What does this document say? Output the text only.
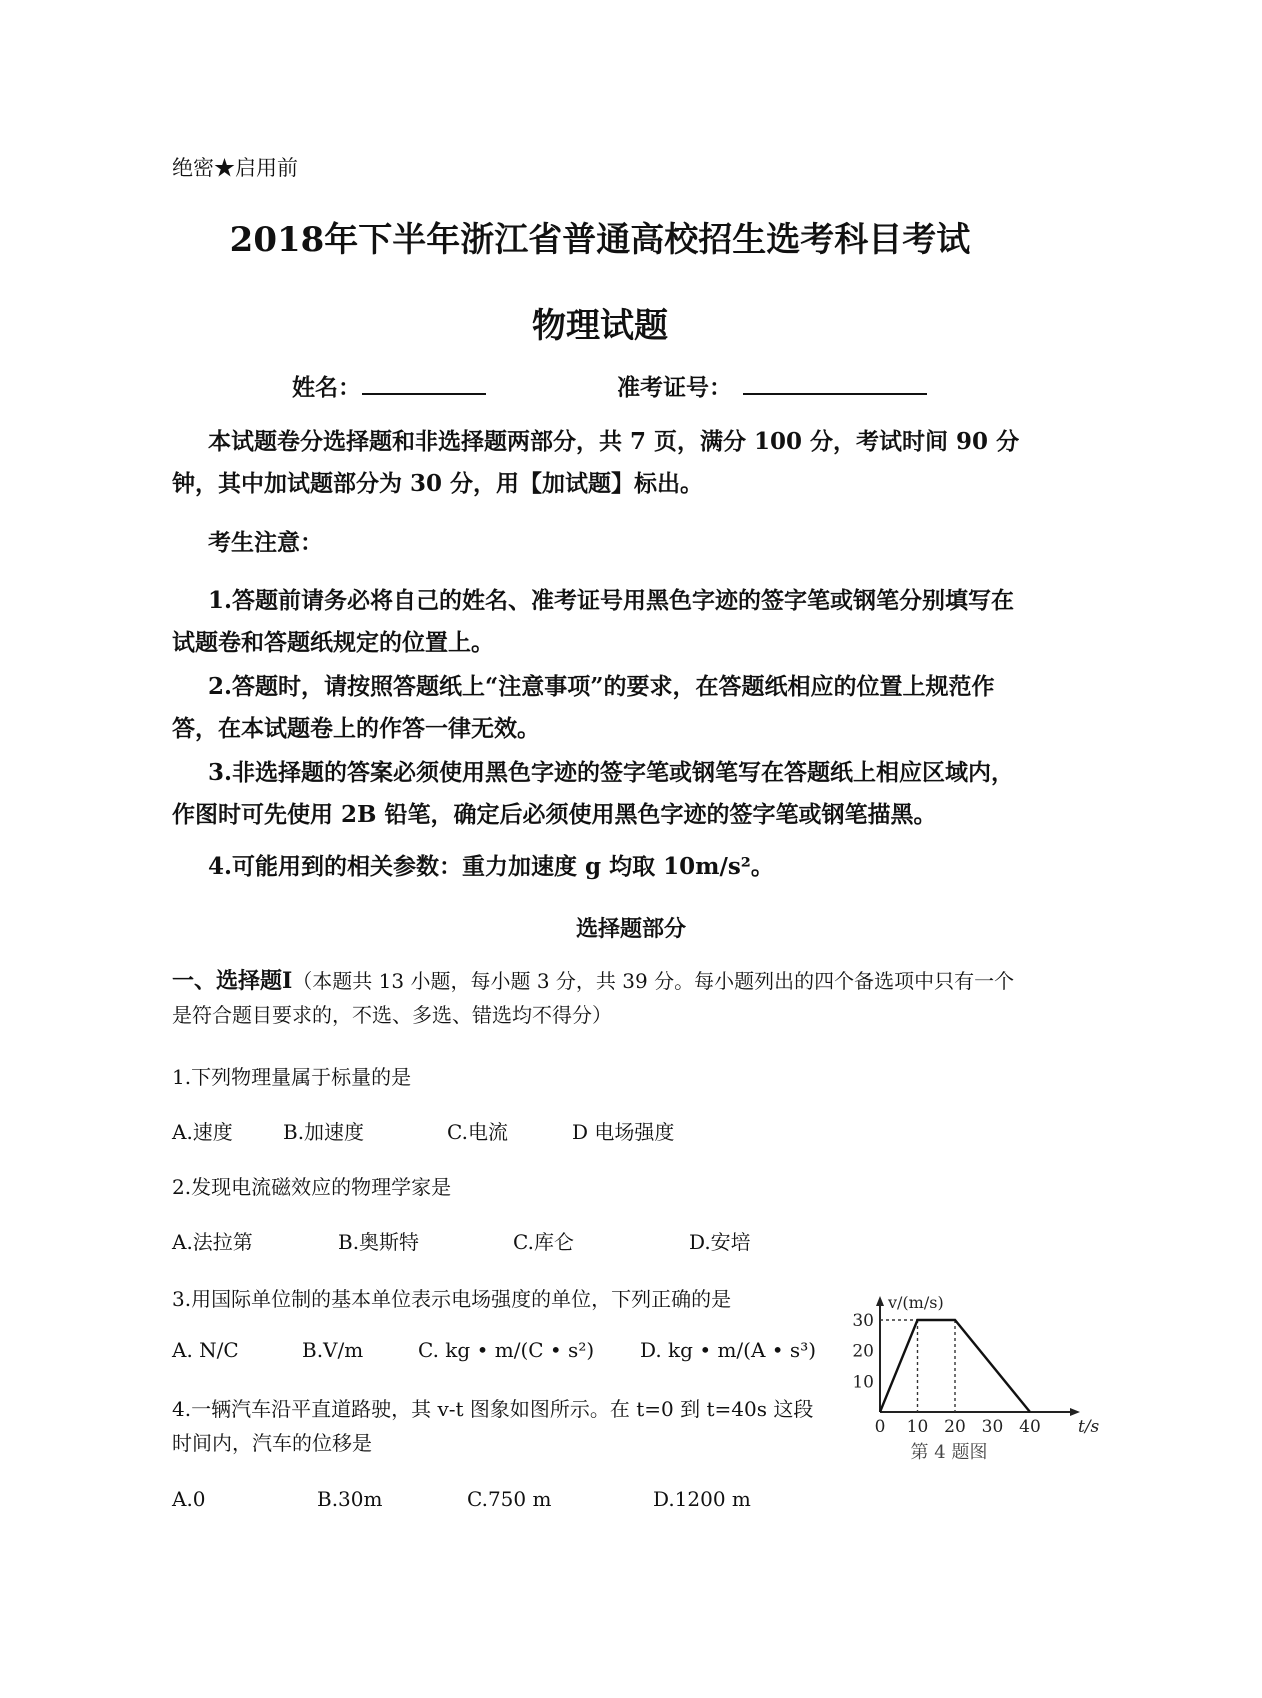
绝密★启用前
2018年下半年浙江省普通高校招生选考科目考试
物理试题
姓名：	准考证号：
本试题卷分选择题和非选择题两部分，共 7 页，满分 100 分，考试时间 90 分
钟，其中加试题部分为 30 分，用【加试题】标出。
考生注意：
1.答题前请务必将自己的姓名、准考证号用黑色字迹的签字笔或钢笔分别填写在
试题卷和答题纸规定的位置上。
2.答题时，请按照答题纸上“注意事项”的要求，在答题纸相应的位置上规范作
答，在本试题卷上的作答一律无效。
3.非选择题的答案必须使用黑色字迹的签字笔或钢笔写在答题纸上相应区域内，
作图时可先使用 2B 铅笔，确定后必须使用黑色字迹的签字笔或钢笔描黑。
4.可能用到的相关参数：重力加速度 g 均取 10m/s²。
选择题部分
一、选择题Ⅰ（本题共 13 小题，每小题 3 分，共 39 分。每小题列出的四个备选项中只有一个
是符合题目要求的，不选、多选、错选均不得分）
1.下列物理量属于标量的是
A.速度	B.加速度	C.电流	D 电场强度
2.发现电流磁效应的物理学家是
A.法拉第	B.奥斯特	C.库仑	D.安培
3.用国际单位制的基本单位表示电场强度的单位，下列正确的是
A. N/C	B.V/m	C. kg • m/(C • s²) D. kg • m/(A • s³)
4.一辆汽车沿平直道路驶，其 v-t 图象如图所示。在 t=0 到 t=40s 这段
时间内，汽车的位移是
A.0	B.30m	C.750 m	D.1200 m
0 10 20 30 40
10
20
30
t/s
v/(m/s)
第 4 题图
